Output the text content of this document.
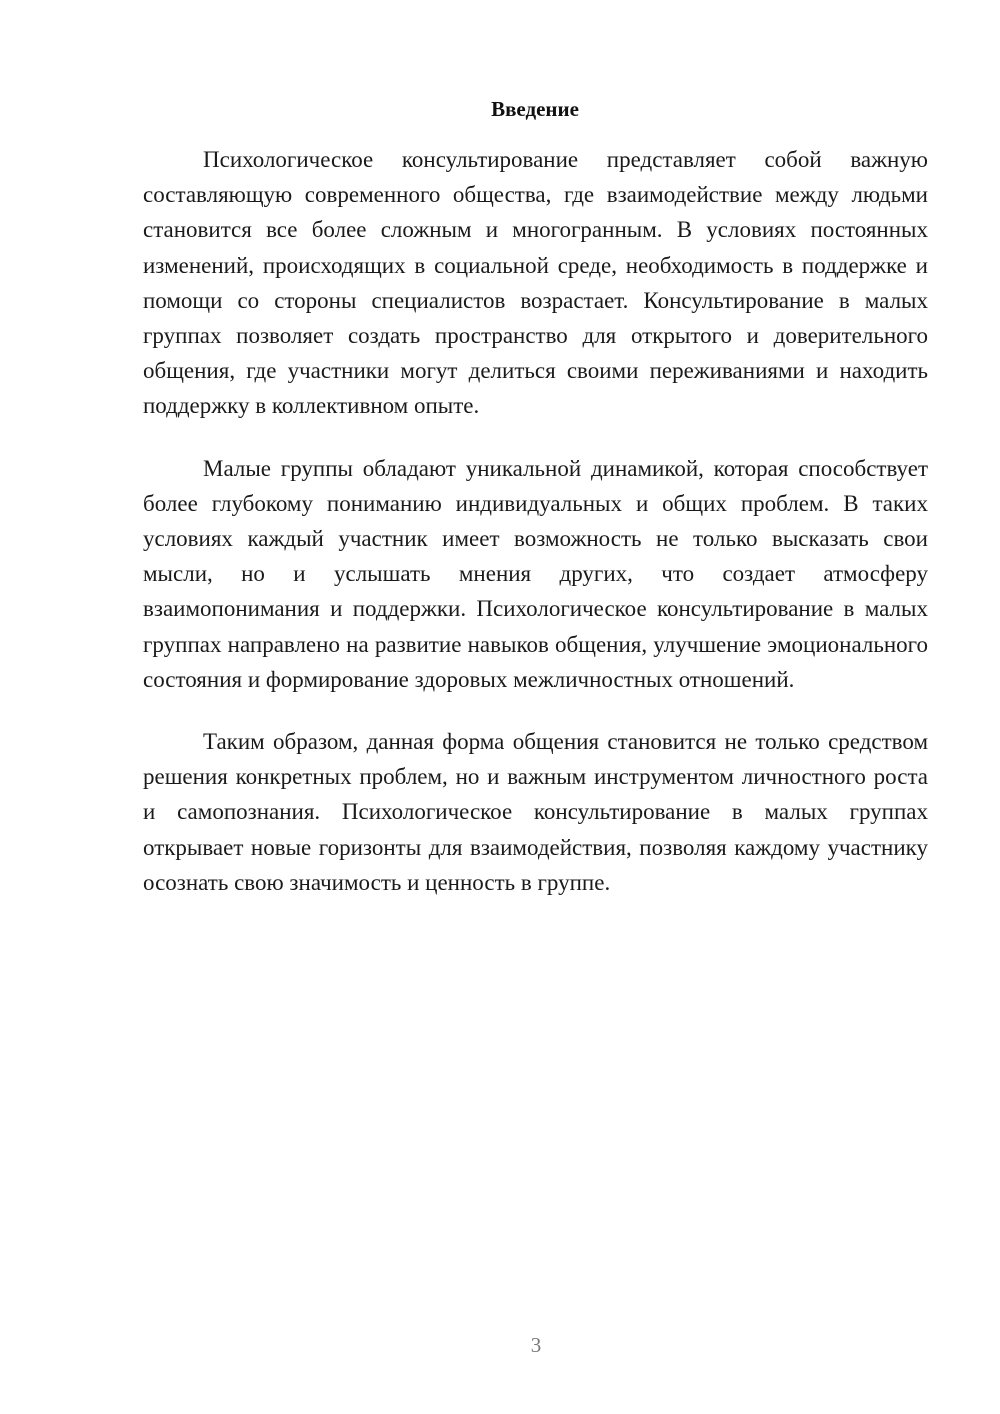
Введение

Психологическое консультирование представляет собой важную составляющую современного общества, где взаимодействие между людьми становится все более сложным и многогранным. В условиях постоянных изменений, происходящих в социальной среде, необходимость в поддержке и помощи со стороны специалистов возрастает. Консультирование в малых группах позволяет создать пространство для открытого и доверительного общения, где участники могут делиться своими переживаниями и находить поддержку в коллективном опыте.

Малые группы обладают уникальной динамикой, которая способствует более глубокому пониманию индивидуальных и общих проблем. В таких условиях каждый участник имеет возможность не только высказать свои мысли, но и услышать мнения других, что создает атмосферу взаимопонимания и поддержки. Психологическое консультирование в малых группах направлено на развитие навыков общения, улучшение эмоционального состояния и формирование здоровых межличностных отношений.

Таким образом, данная форма общения становится не только средством решения конкретных проблем, но и важным инструментом личностного роста и самопознания. Психологическое консультирование в малых группах открывает новые горизонты для взаимодействия, позволяя каждому участнику осознать свою значимость и ценность в группе.

3
